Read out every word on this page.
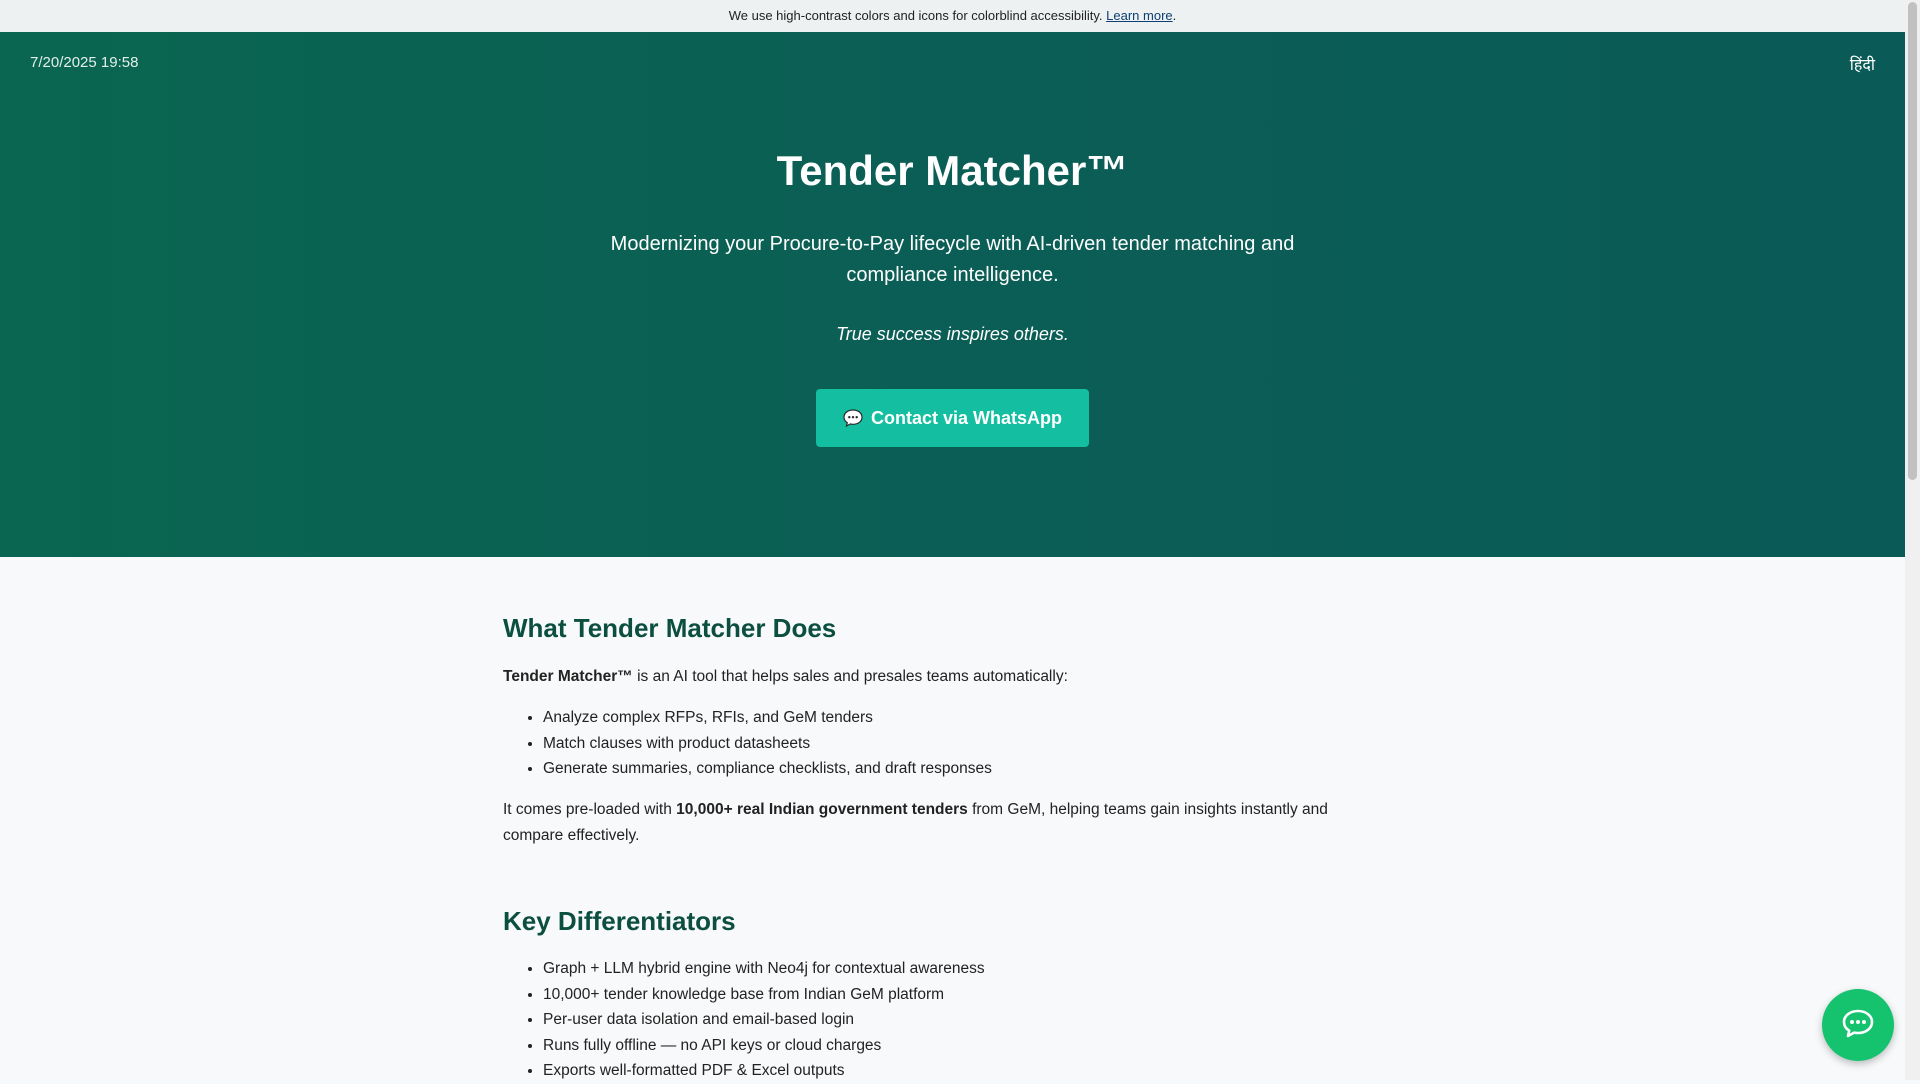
We use high-contrast colors and icons for colorblind accessibility. Learn more.
7/20/2025 19:58	हिंदी
Tender Matcher™

Modernizing your Procure-to-Pay lifecycle with AI-driven tender matching and compliance intelligence.

True success inspires others.

Contact via WhatsApp
What Tender Matcher Does

Tender Matcher™ is an AI tool that helps sales and presales teams automatically:

• Analyze complex RFPs, RFIs, and GeM tenders
• Match clauses with product datasheets
• Generate summaries, compliance checklists, and draft responses

It comes pre-loaded with 10,000+ real Indian government tenders from GeM, helping teams gain insights instantly and compare effectively.

Key Differentiators
• Graph + LLM hybrid engine with Neo4j for contextual awareness
• 10,000+ tender knowledge base from Indian GeM platform
• Per-user data isolation and email-based login
• Runs fully offline — no API keys or cloud charges
• Exports well-formatted PDF & Excel outputs
